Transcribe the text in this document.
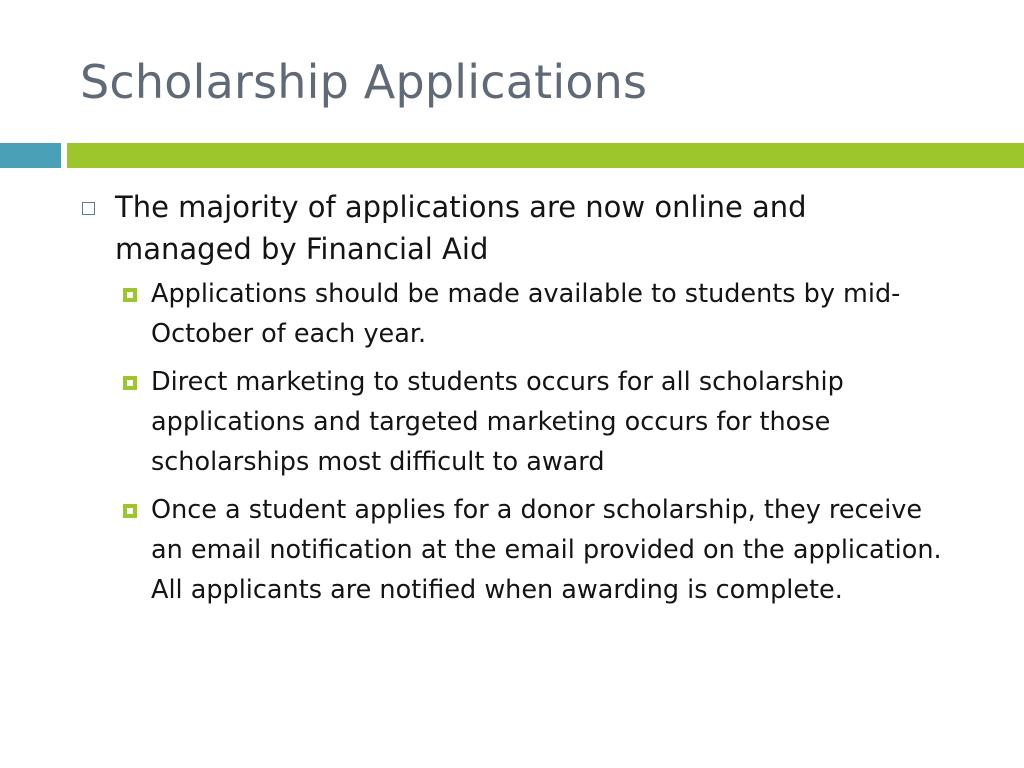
Scholarship Applications
The majority of applications are now online and managed by Financial Aid
Applications should be made available to students by mid-October of each year.
Direct marketing to students occurs for all scholarship applications and targeted marketing occurs for those scholarships most difficult to award
Once a student applies for a donor scholarship, they receive an email notification at the email provided on the application. All applicants are notified when awarding is complete.
